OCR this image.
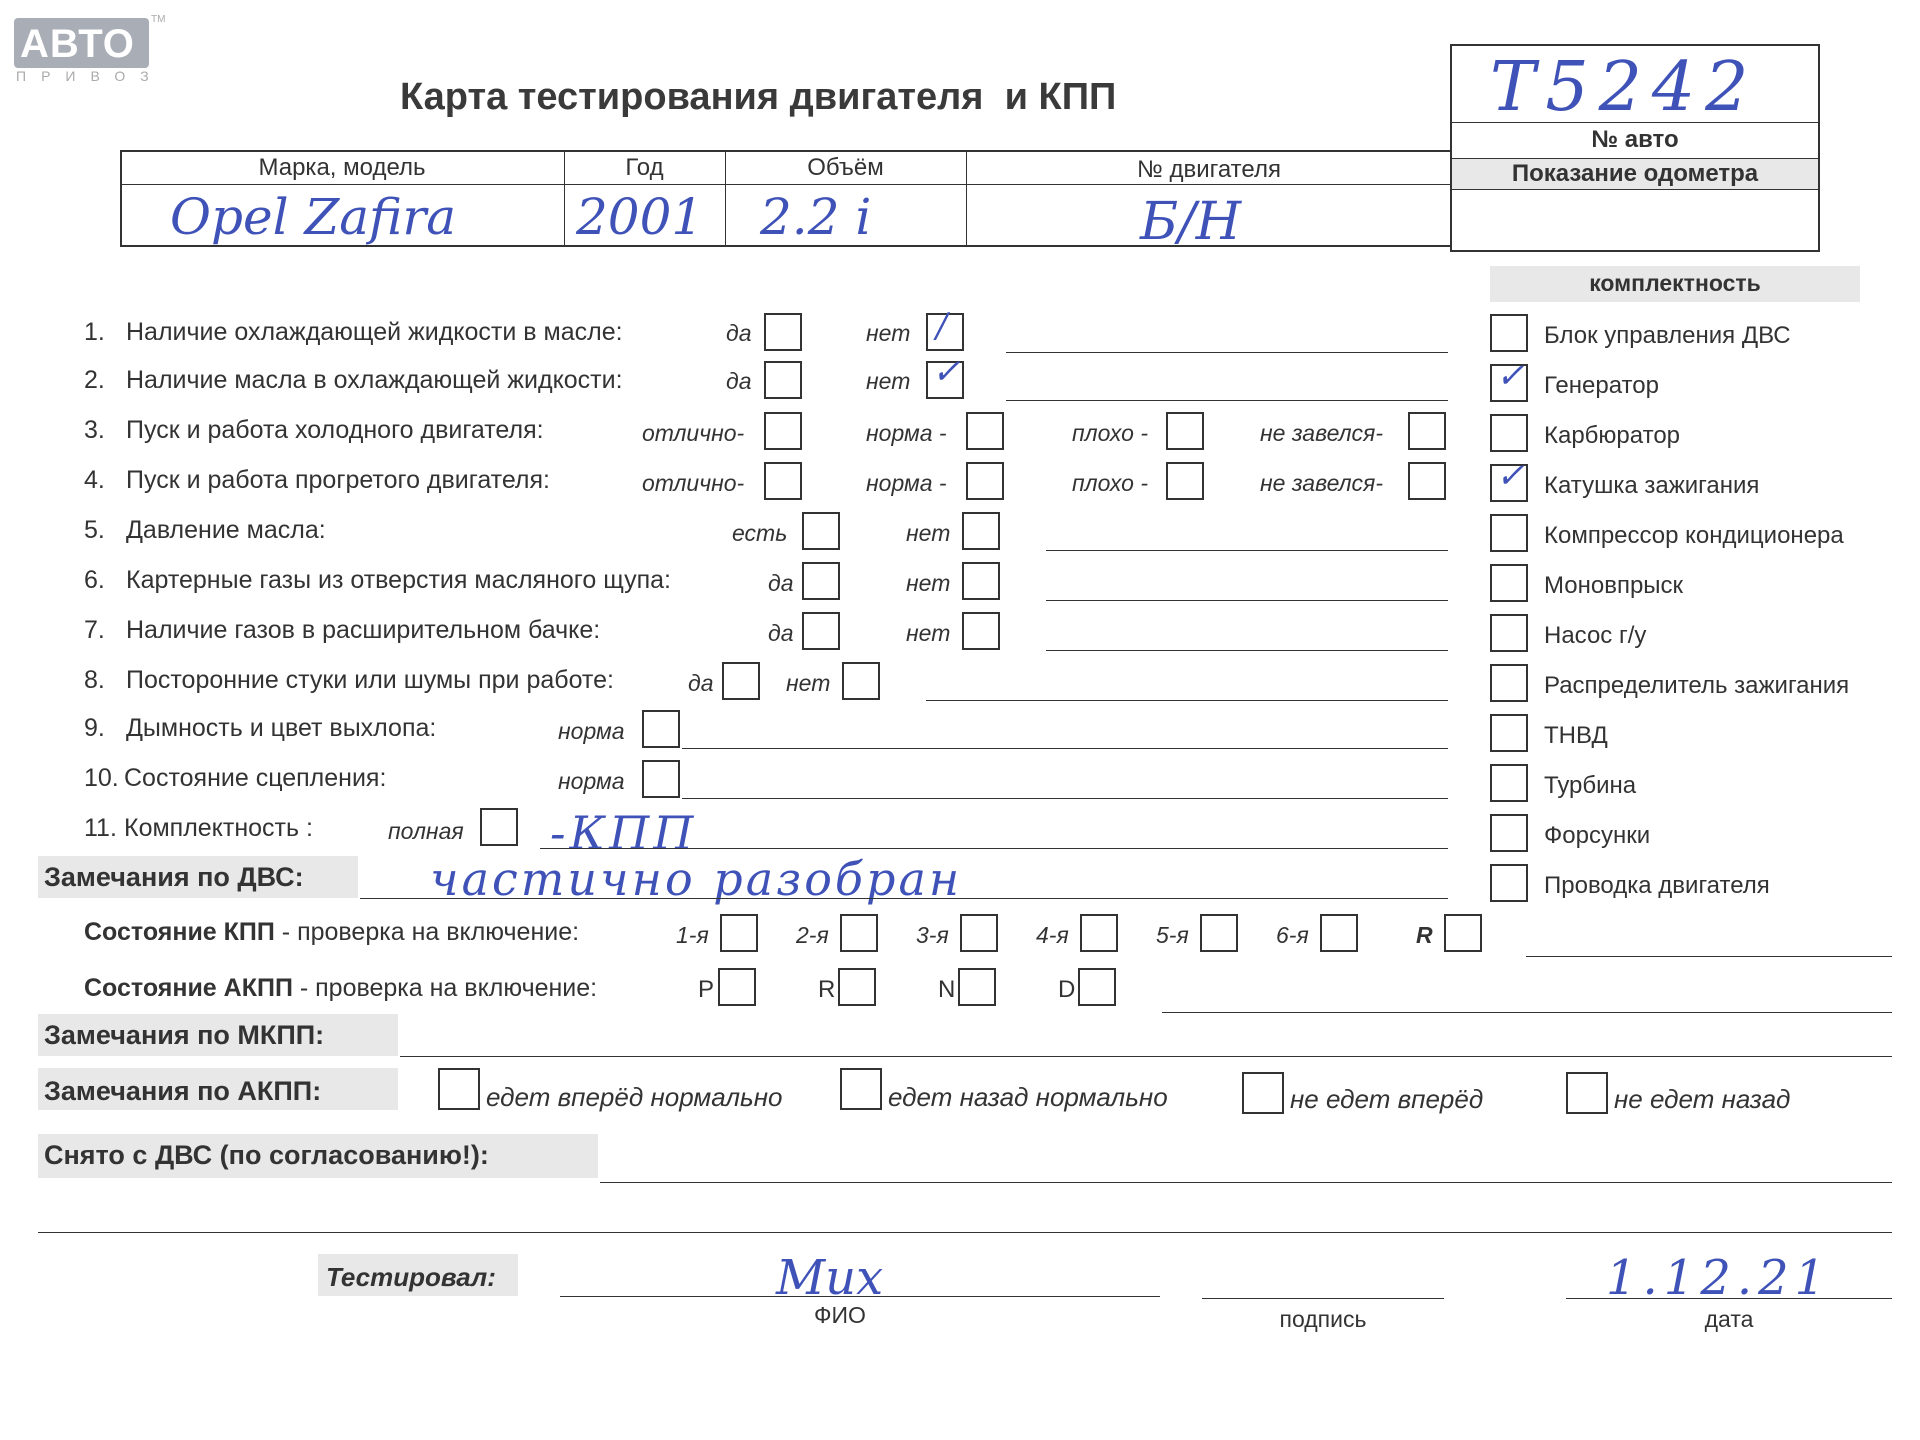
АВТО
TM
ПРИВОЗ	Карта тестирования двигателя  и КПП	T5242
№ авто
Показание одометра
Марка, модель	Год	Объём	№ двигателя
Opel Zafira 2001 2.2 i	Б/Н
1. Наличие охлаждающей жидкости в масле:	да	нет /
2. Наличие масла в охлаждающей жидкости:	да	нет ✓
3. Пуск и работа холодного двигателя:	отлично-	норма -	плохо -	не завелся-
4. Пуск и работа прогретого двигателя:	отлично-	норма -	плохо -	не завелся-
5. Давление масла:	есть	нет
6. Картерные газы из отверстия масляного щупа:	да	нет
7. Наличие газов в расширительном бачке:	да	нет
8. Посторонние стуки или шумы при работе:	да	нет
9. Дымность и цвет выхлопа:	норма
10. Состояние сцепления:	норма
11. Комплектность :	полная -КПП
комплектность
Блок управления ДВС
✓ Генератор
Карбюратор
✓ Катушка зажигания
Компрессор кондиционера
Моновпрыск
Насос г/у
Распределитель зажигания
ТНВД
Турбина
Форсунки
Проводка двигателя
Замечания по ДВС:	частично разобран
Состояние КПП - проверка на включение:	1-я	2-я	3-я	4-я	5-я	6-я	R
Состояние АКПП - проверка на включение:	P	R	N	D
Замечания по МКПП:
Замечания по АКПП:	едет вперёд нормально	едет назад нормально	не едет вперёд	не едет назад
Снято с ДВС (по согласованию!):
Тестировал:	Мих
ФИО	подпись
1.12.21
дата
